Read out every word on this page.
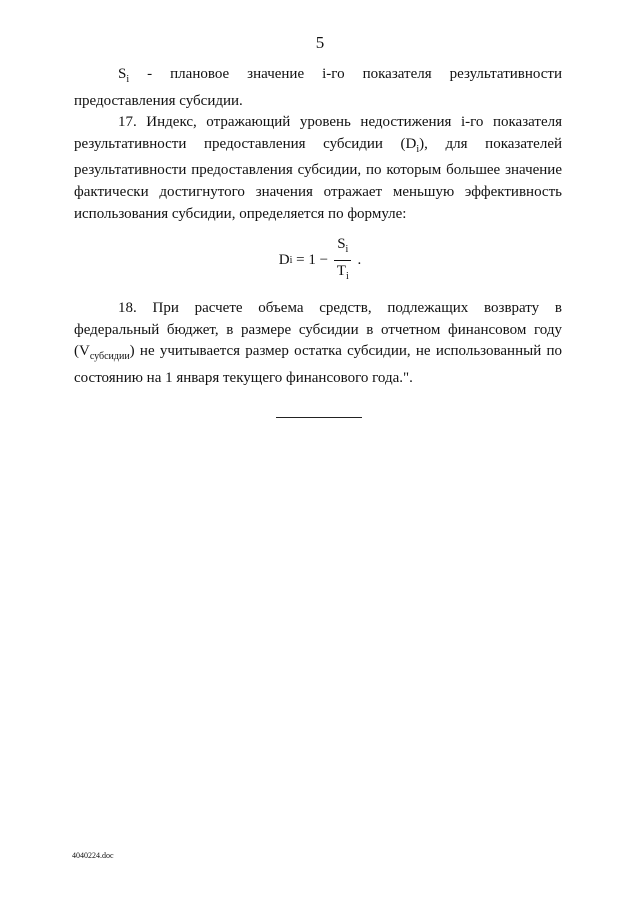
5

$S_i$ - плановое значение i-го показателя результативности предоставления субсидии.

17. Индекс, отражающий уровень недостижения i-го показателя результативности предоставления субсидии $(D_i)$, для показателей результативности предоставления субсидии, по которым большее значение фактически достигнутого значения отражает меньшую эффективность использования субсидии, определяется по формуле:

D $i = 1 - \frac{S_i}{T_i}$ .

18. При расчете объема средств, подлежащих возврату в федеральный бюджет, в размере субсидии в отчетном финансовом году $(V_{субсидии})$ не учитывается размер остатка субсидии, не использованный по состоянию на 1 января текущего финансового года.".

4040224.doc
